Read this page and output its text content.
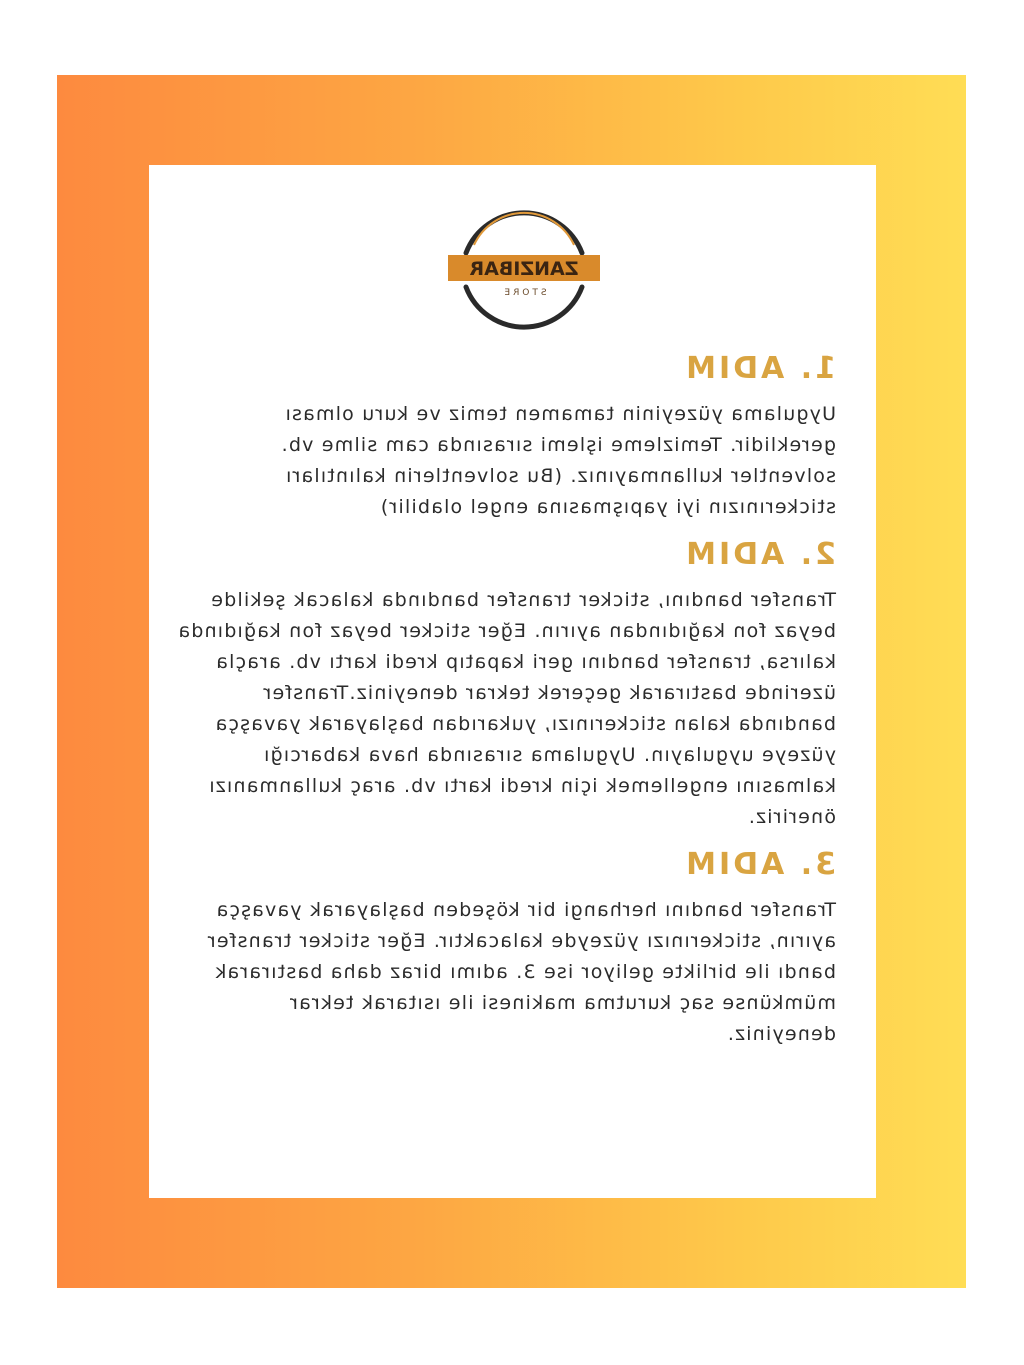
ZANZIBAR
STORE
1. ADIM
Uygulama yüzeyinin tamamen temiz ve kuru olması gereklidir. Temizleme işlemi sırasında cam silme vb. solventler kullanmayınız. (Bu solventlerin kalıntıları stickerınızın iyi yapışmasına engel olabilir)
2. ADIM
Transfer bandını, sticker transfer bandında kalacak şekilde beyaz fon kağıdından ayırın. Eğer sticker beyaz fon kağıdında kalırsa, transfer bandını geri kapatıp kredi kartı vb. araçla üzerinde bastırarak geçerek tekrar deneyiniz.Transfer bandında kalan stickerınızı, yukarıdan başlayarak yavaşça yüzeye uygulayın. Uygulama sırasında hava kabarcığı kalmasını engellemek için kredi kartı vb. araç kullanmanızı öneririz.
3. ADIM
Transfer bandını herhangi bir köşeden başlayarak yavaşça ayırın, stickerınızı yüzeyde kalacaktır. Eğer sticker transfer bandı ile birlikte geliyor ise 3. adımı biraz daha bastırarak mümkünse saç kurutma makinesi ile ısıtarak tekrar deneyiniz.
